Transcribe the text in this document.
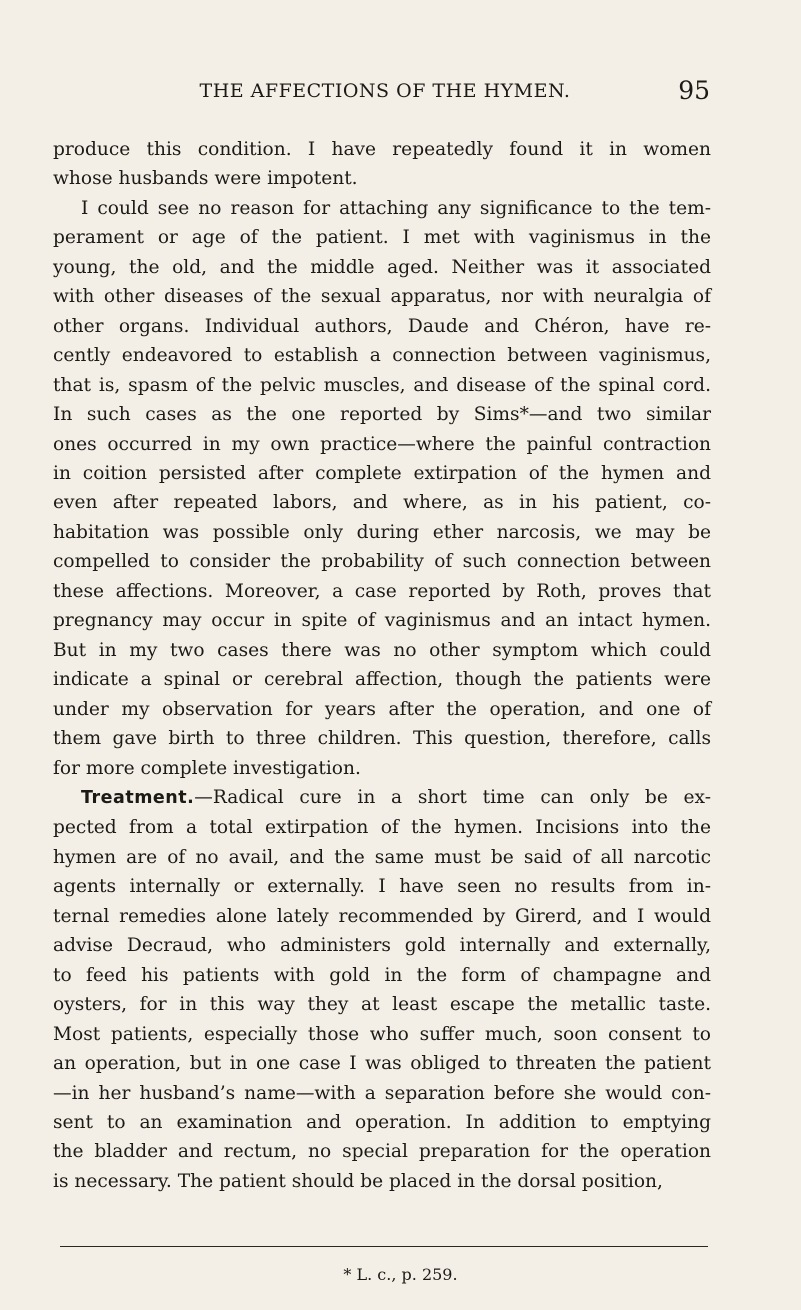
THE AFFECTIONS OF THE HYMEN.	95

produce this condition. I have repeatedly found it in women
whose husbands were impotent.

I could see no reason for attaching any significance to the tem-
perament or age of the patient. I met with vaginismus in the
young, the old, and the middle aged. Neither was it associated
with other diseases of the sexual apparatus, nor with neuralgia of
other organs. Individual authors, Daude and Chéron, have re-
cently endeavored to establish a connection between vaginismus,
that is, spasm of the pelvic muscles, and disease of the spinal cord.
In such cases as the one reported by Sims*—and two similar
ones occurred in my own practice—where the painful contraction
in coition persisted after complete extirpation of the hymen and
even after repeated labors, and where, as in his patient, co-
habitation was possible only during ether narcosis, we may be
compelled to consider the probability of such connection between
these affections. Moreover, a case reported by Roth, proves that
pregnancy may occur in spite of vaginismus and an intact hymen.
But in my two cases there was no other symptom which could
indicate a spinal or cerebral affection, though the patients were
under my observation for years after the operation, and one of
them gave birth to three children. This question, therefore, calls
for more complete investigation.

Treatment.—Radical cure in a short time can only be ex-
pected from a total extirpation of the hymen. Incisions into the
hymen are of no avail, and the same must be said of all narcotic
agents internally or externally. I have seen no results from in-
ternal remedies alone lately recommended by Girerd, and I would
advise Decraud, who administers gold internally and externally,
to feed his patients with gold in the form of champagne and
oysters, for in this way they at least escape the metallic taste.
Most patients, especially those who suffer much, soon consent to
an operation, but in one case I was obliged to threaten the patient
—in her husband’s name—with a separation before she would con-
sent to an examination and operation. In addition to emptying
the bladder and rectum, no special preparation for the operation
is necessary. The patient should be placed in the dorsal position,

* L. c., p. 259.
